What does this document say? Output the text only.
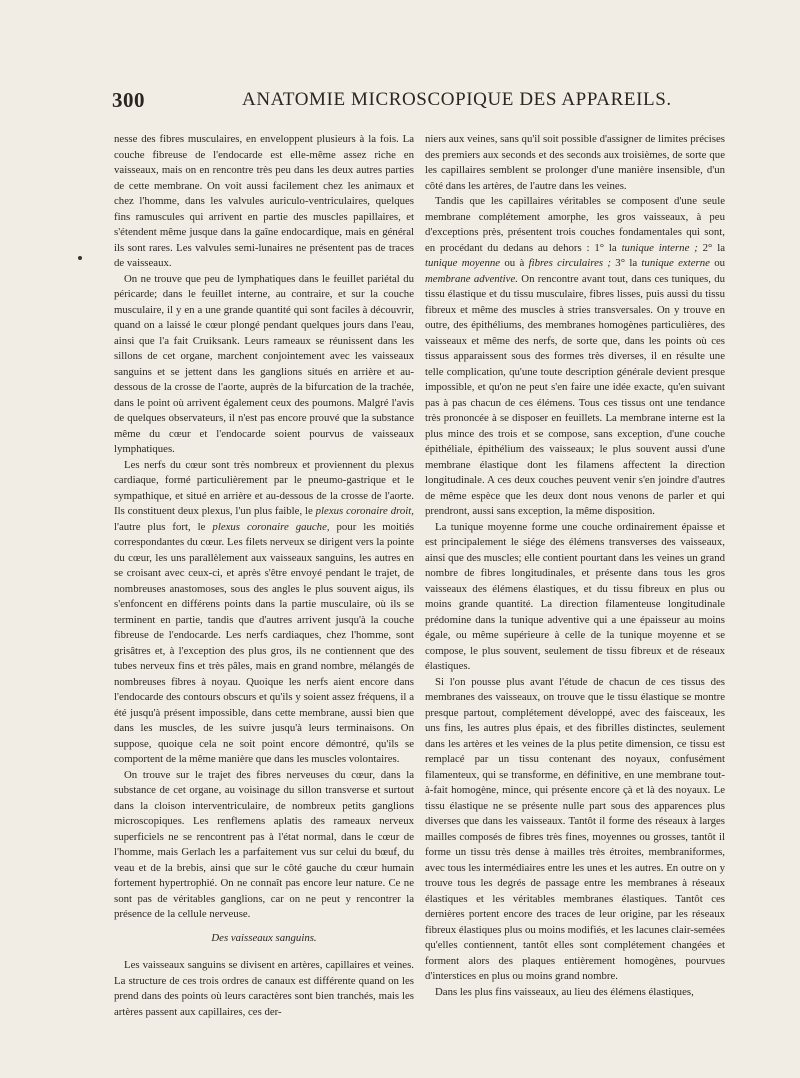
300	ANATOMIE MICROSCOPIQUE DES APPAREILS.

nesse des fibres musculaires, en enveloppent plusieurs à la fois. La couche fibreuse de l'endocarde est elle-même assez riche en vaisseaux, mais on en rencontre très peu dans les deux autres parties de cette membrane. On voit aussi facilement chez les animaux et chez l'homme, dans les valvules auriculo-ventriculaires, quelques fins ramuscules qui arrivent en partie des muscles papillaires, et s'étendent même jusque dans la gaîne endocardique, mais en général ils sont rares. Les valvules semi-lunaires ne présentent pas de traces de vaisseaux.

On ne trouve que peu de lymphatiques dans le feuillet pariétal du péricarde; dans le feuillet interne, au contraire, et sur la couche musculaire, il y en a une grande quantité qui sont faciles à découvrir, quand on a laissé le cœur plongé pendant quelques jours dans l'eau, ainsi que l'a fait Cruiksank. Leurs rameaux se réunissent dans les sillons de cet organe, marchent conjointement avec les vaisseaux sanguins et se jettent dans les ganglions situés en arrière et au-dessous de la crosse de l'aorte, auprès de la bifurcation de la trachée, dans le point où arrivent également ceux des poumons. Malgré l'avis de quelques observateurs, il n'est pas encore prouvé que la substance même du cœur et l'endocarde soient pourvus de vaisseaux lymphatiques.

Les nerfs du cœur sont très nombreux et proviennent du plexus cardiaque, formé particulièrement par le pneumo-gastrique et le sympathique, et situé en arrière et au-dessous de la crosse de l'aorte. Ils constituent deux plexus, l'un plus faible, le plexus coronaire droit, l'autre plus fort, le plexus coronaire gauche, pour les moitiés correspondantes du cœur. Les filets nerveux se dirigent vers la pointe du cœur, les uns parallèlement aux vaisseaux sanguins, les autres en se croisant avec ceux-ci, et après s'être envoyé pendant le trajet, de nombreuses anastomoses, sous des angles le plus souvent aigus, ils s'enfoncent en différens points dans la partie musculaire, où ils se terminent en partie, tandis que d'autres arrivent jusqu'à la couche fibreuse de l'endocarde. Les nerfs cardiaques, chez l'homme, sont grisâtres et, à l'exception des plus gros, ils ne contiennent que des tubes nerveux fins et très pâles, mais en grand nombre, mélangés de nombreuses fibres à noyau. Quoique les nerfs aient encore dans l'endocarde des contours obscurs et qu'ils y soient assez fréquens, il a été jusqu'à présent impossible, dans cette membrane, aussi bien que dans les muscles, de les suivre jusqu'à leurs terminaisons. On suppose, quoique cela ne soit point encore démontré, qu'ils se comportent de la même manière que dans les muscles volontaires.

On trouve sur le trajet des fibres nerveuses du cœur, dans la substance de cet organe, au voisinage du sillon transverse et surtout dans la cloison interventriculaire, de nombreux petits ganglions microscopiques. Les renflemens aplatis des rameaux nerveux superficiels ne se rencontrent pas à l'état normal, dans le cœur de l'homme, mais Gerlach les a parfaitement vus sur celui du bœuf, du veau et de la brebis, ainsi que sur le côté gauche du cœur humain fortement hypertrophié. On ne connaît pas encore leur nature. Ce ne sont pas de véritables ganglions, car on ne peut y rencontrer la présence de la cellule nerveuse.

Des vaisseaux sanguins.

Les vaisseaux sanguins se divisent en artères, capillaires et veines. La structure de ces trois ordres de canaux est différente quand on les prend dans des points où leurs caractères sont bien tranchés, mais les artères passent aux capillaires, ces der-

niers aux veines, sans qu'il soit possible d'assigner de limites précises des premiers aux seconds et des seconds aux troisièmes, de sorte que les capillaires semblent se prolonger d'une manière insensible, d'un côté dans les artères, de l'autre dans les veines.

Tandis que les capillaires véritables se composent d'une seule membrane complétement amorphe, les gros vaisseaux, à peu d'exceptions près, présentent trois couches fondamentales qui sont, en procédant du dedans au dehors : 1° la tunique interne ; 2° la tunique moyenne ou à fibres circulaires ; 3° la tunique externe ou membrane adventive. On rencontre avant tout, dans ces tuniques, du tissu élastique et du tissu musculaire, fibres lisses, puis aussi du tissu fibreux et même des muscles à stries transversales. On y trouve en outre, des épithéliums, des membranes homogènes particulières, des vaisseaux et même des nerfs, de sorte que, dans les points où ces tissus apparaissent sous des formes très diverses, il en résulte une telle complication, qu'une toute description générale devient presque impossible, et qu'on ne peut s'en faire une idée exacte, qu'en suivant pas à pas chacun de ces élémens. Tous ces tissus ont une tendance très prononcée à se disposer en feuillets. La membrane interne est la plus mince des trois et se compose, sans exception, d'une couche épithéliale, épithélium des vaisseaux; le plus souvent aussi d'une membrane élastique dont les filamens affectent la direction longitudinale. A ces deux couches peuvent venir s'en joindre d'autres de même espèce que les deux dont nous venons de parler et qui prendront, aussi sans exception, la même disposition.

La tunique moyenne forme une couche ordinairement épaisse et est principalement le siége des élémens transverses des vaisseaux, ainsi que des muscles; elle contient pourtant dans les veines un grand nombre de fibres longitudinales, et présente dans tous les gros vaisseaux des élémens élastiques, et du tissu fibreux en plus ou moins grande quantité. La direction filamenteuse longitudinale prédomine dans la tunique adventive qui a une épaisseur au moins égale, ou même supérieure à celle de la tunique moyenne et se compose, le plus souvent, seulement de tissu fibreux et de réseaux élastiques.

Si l'on pousse plus avant l'étude de chacun de ces tissus des membranes des vaisseaux, on trouve que le tissu élastique se montre presque partout, complétement développé, avec des faisceaux, les uns fins, les autres plus épais, et des fibrilles distinctes, seulement dans les artères et les veines de la plus petite dimension, ce tissu est remplacé par un tissu contenant des noyaux, confusément filamenteux, qui se transforme, en définitive, en une membrane tout-à-fait homogène, mince, qui présente encore çà et là des noyaux. Le tissu élastique ne se présente nulle part sous des apparences plus diverses que dans les vaisseaux. Tantôt il forme des réseaux à larges mailles composés de fibres très fines, moyennes ou grosses, tantôt il forme un tissu très dense à mailles très étroites, membraniformes, avec tous les intermédiaires entre les unes et les autres. En outre on y trouve tous les degrés de passage entre les membranes à réseaux élastiques et les véritables membranes élastiques. Tantôt ces dernières portent encore des traces de leur origine, par les réseaux fibreux élastiques plus ou moins modifiés, et les lacunes clair-semées qu'elles contiennent, tantôt elles sont complétement changées et forment alors des plaques entièrement homogènes, pourvues d'interstices en plus ou moins grand nombre.

Dans les plus fins vaisseaux, au lieu des élémens élastiques,
